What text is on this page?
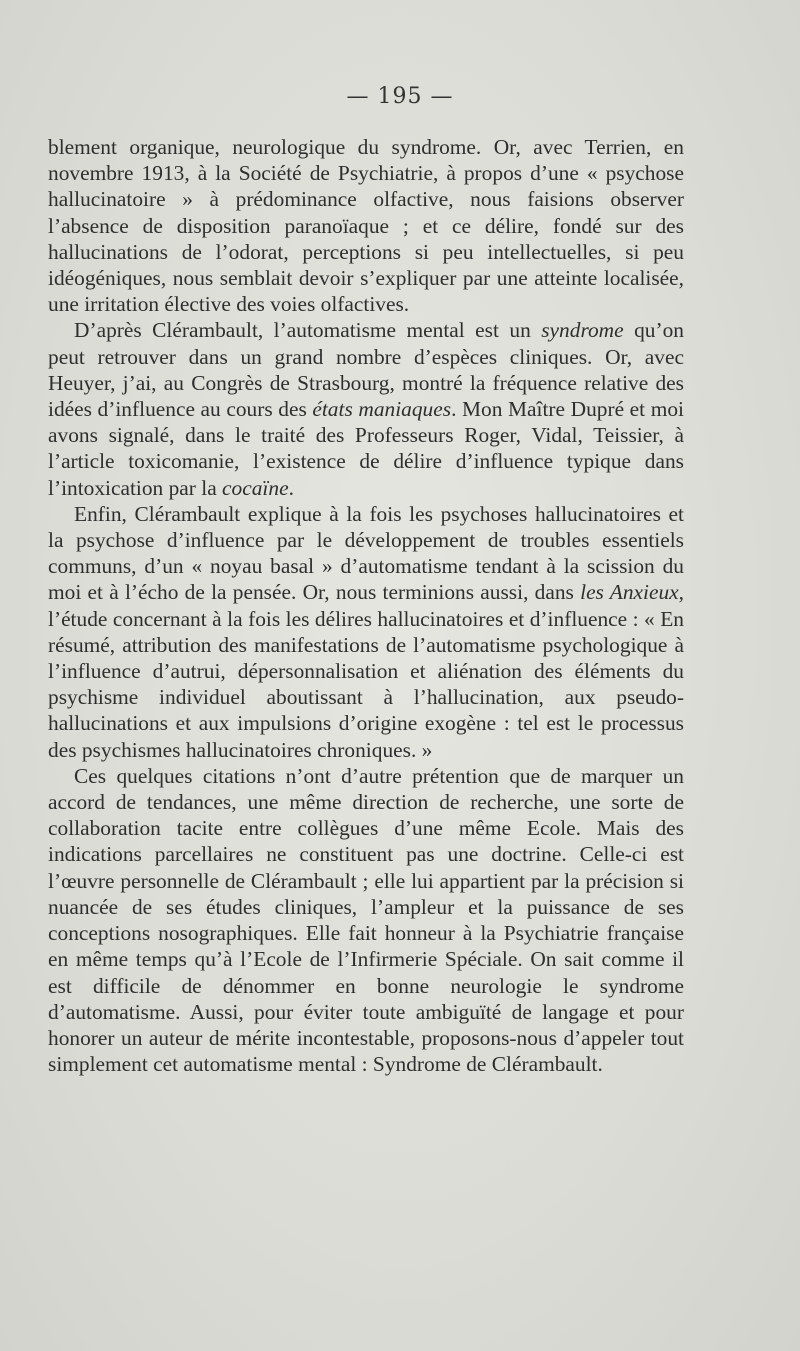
— 195 —

blement organique, neurologique du syndrome. Or, avec Terrien, en novembre 1913, à la Société de Psychiatrie, à propos d’une « psychose hallucinatoire » à prédominance olfactive, nous faisions observer l’absence de disposition paranoïaque ; et ce délire, fondé sur des hallucinations de l’odorat, perceptions si peu intellectuelles, si peu idéogéniques, nous semblait devoir s’expliquer par une atteinte localisée, une irritation élective des voies olfactives.

D’après Clérambault, l’automatisme mental est un syndrome qu’on peut retrouver dans un grand nombre d’espèces cliniques. Or, avec Heuyer, j’ai, au Congrès de Strasbourg, montré la fréquence relative des idées d’influence au cours des états maniaques. Mon Maître Dupré et moi avons signalé, dans le traité des Professeurs Roger, Vidal, Teissier, à l’article toxicomanie, l’existence de délire d’influence typique dans l’intoxication par la cocaïne.

Enfin, Clérambault explique à la fois les psychoses hallucinatoires et la psychose d’influence par le développement de troubles essentiels communs, d’un « noyau basal » d’automatisme tendant à la scission du moi et à l’écho de la pensée. Or, nous terminions aussi, dans les Anxieux, l’étude concernant à la fois les délires hallucinatoires et d’influence : « En résumé, attribution des manifestations de l’automatisme psychologique à l’influence d’autrui, dépersonnalisation et aliénation des éléments du psychisme individuel aboutissant à l’hallucination, aux pseudo-hallucinations et aux impulsions d’origine exogène : tel est le processus des psychismes hallucinatoires chroniques. »

Ces quelques citations n’ont d’autre prétention que de marquer un accord de tendances, une même direction de recherche, une sorte de collaboration tacite entre collègues d’une même Ecole. Mais des indications parcellaires ne constituent pas une doctrine. Celle-ci est l’œuvre personnelle de Clérambault ; elle lui appartient par la précision si nuancée de ses études cliniques, l’ampleur et la puissance de ses conceptions nosographiques. Elle fait honneur à la Psychiatrie française en même temps qu’à l’Ecole de l’Infirmerie Spéciale. On sait comme il est difficile de dénommer en bonne neurologie le syndrome d’automatisme. Aussi, pour éviter toute ambiguïté de langage et pour honorer un auteur de mérite incontestable, proposons-nous d’appeler tout simplement cet automatisme mental : Syndrome de Clérambault.
